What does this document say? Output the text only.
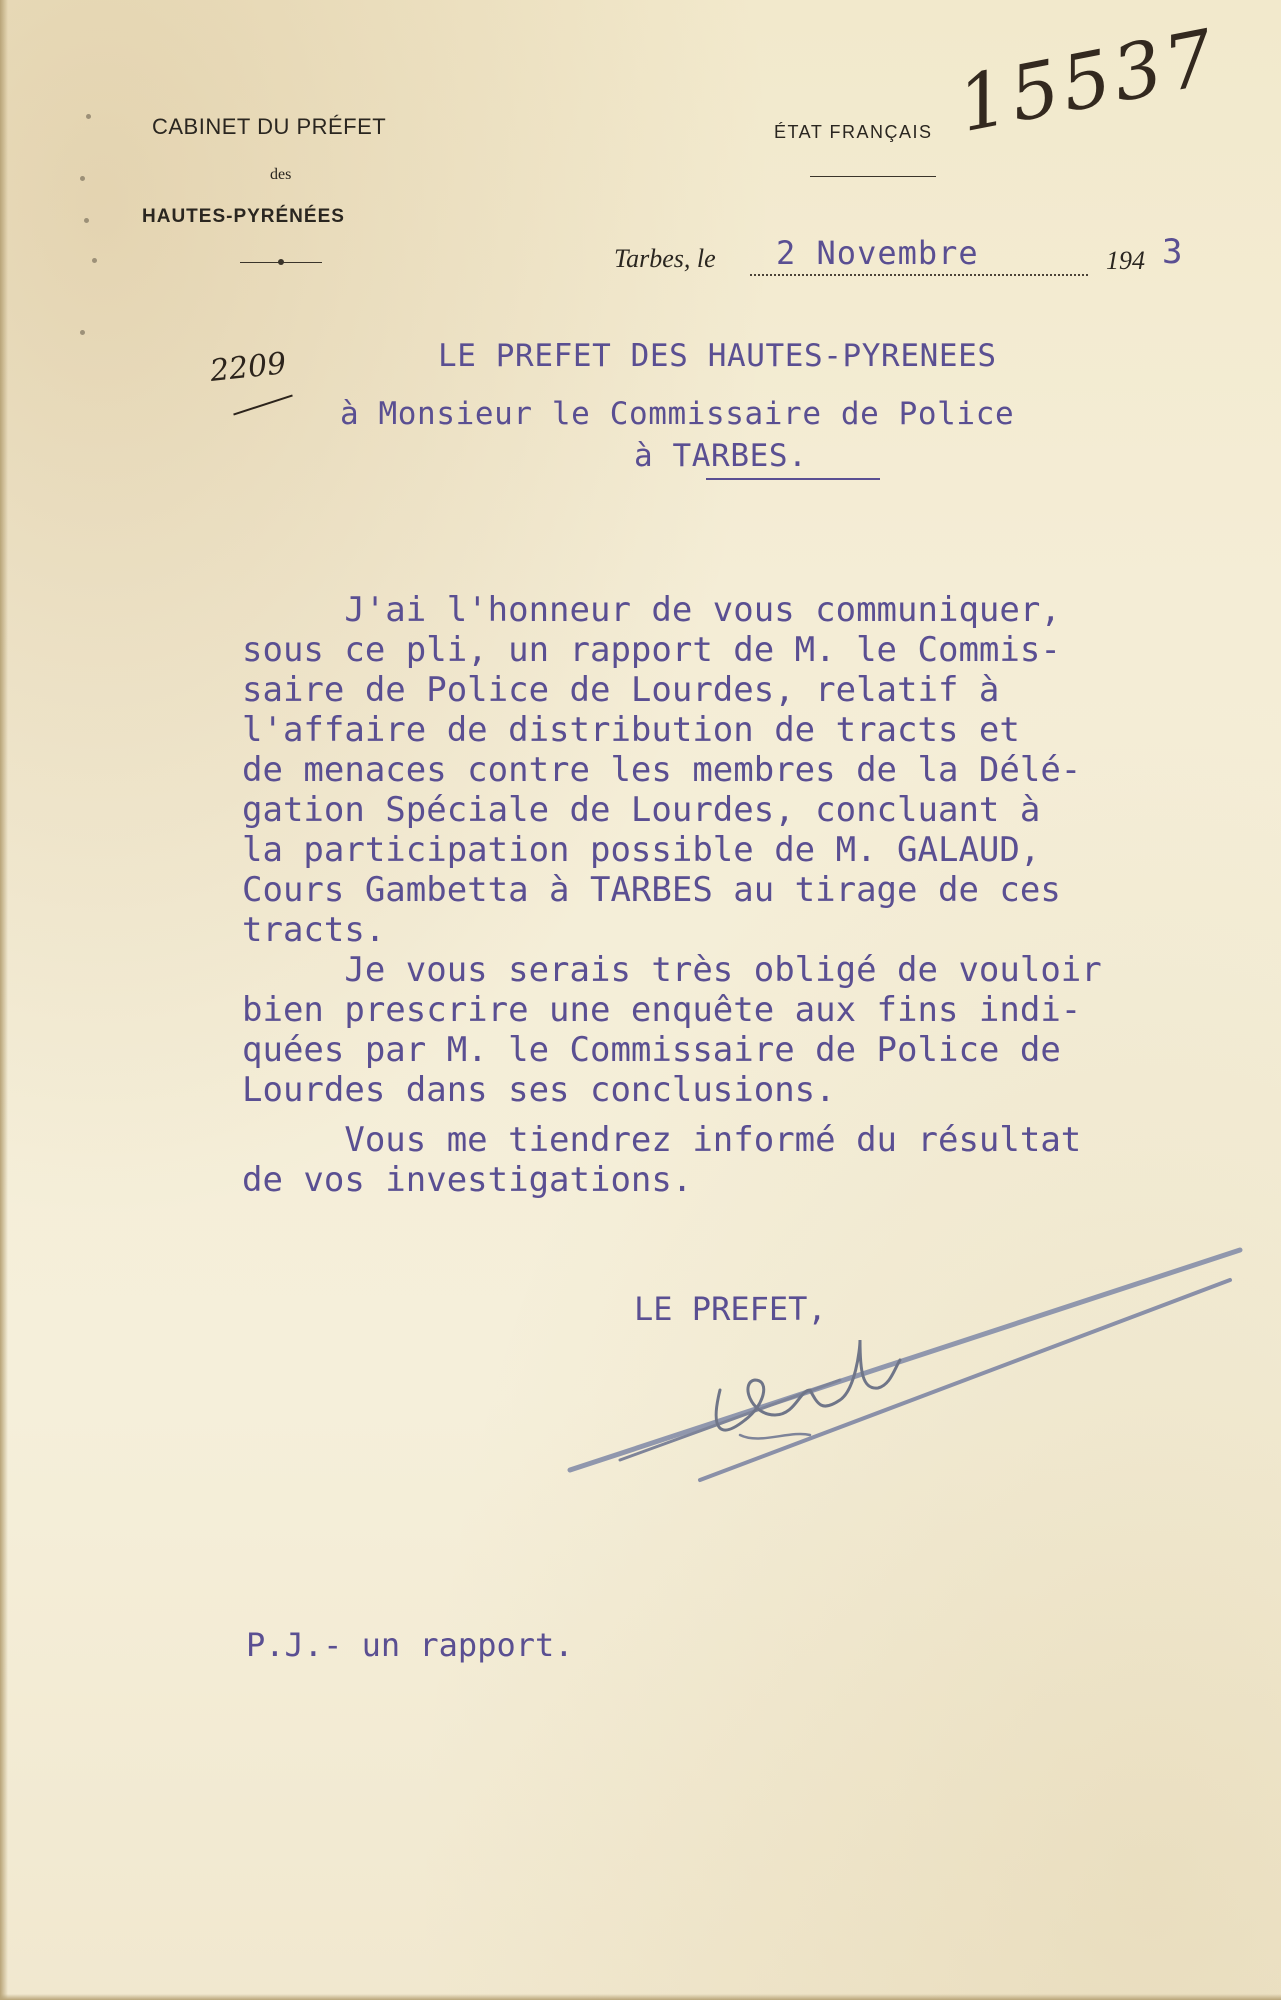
CABINET DU PRÉFET
des
HAUTES-PYRÉNÉES
ÉTAT FRANÇAIS 15537
2209
Tarbes, le 2 Novembre	194 3
LE PREFET DES HAUTES-PYRENEES
à Monsieur le Commissaire de Police
à TARBES.
J'ai l'honneur de vous communiquer,
sous ce pli, un rapport de M. le Commis-
saire de Police de Lourdes, relatif à
l'affaire de distribution de tracts et
de menaces contre les membres de la Délé-
gation Spéciale de Lourdes, concluant à
la participation possible de M. GALAUD,
Cours Gambetta à TARBES au tirage de ces
tracts.
Je vous serais très obligé de vouloir
bien prescrire une enquête aux fins indi-
quées par M. le Commissaire de Police de
Lourdes dans ses conclusions.
Vous me tiendrez informé du résultat
de vos investigations.
LE PREFET,
P.J.- un rapport.
